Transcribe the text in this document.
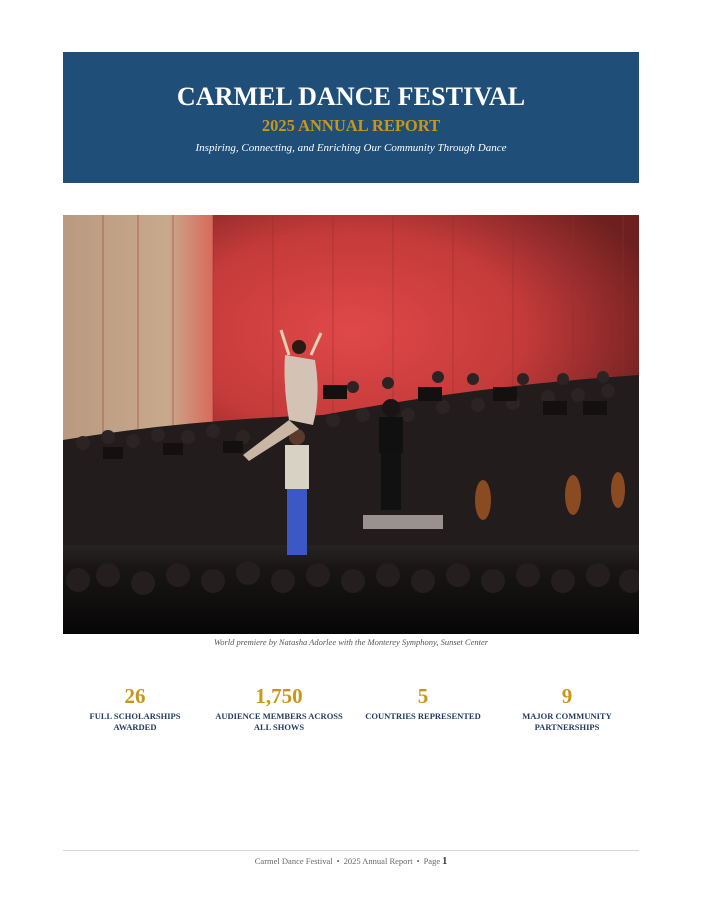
CARMEL DANCE FESTIVAL
2025 ANNUAL REPORT
Inspiring, Connecting, and Enriching Our Community Through Dance
World premiere by Natasha Adorlee with the Monterey Symphony, Sunset Center
26
FULL SCHOLARSHIPS AWARDED
1,750
AUDIENCE MEMBERS ACROSS ALL SHOWS
5
COUNTRIES REPRESENTED
9
MAJOR COMMUNITY PARTNERSHIPS
Carmel Dance Festival • 2025 Annual Report • Page 1
